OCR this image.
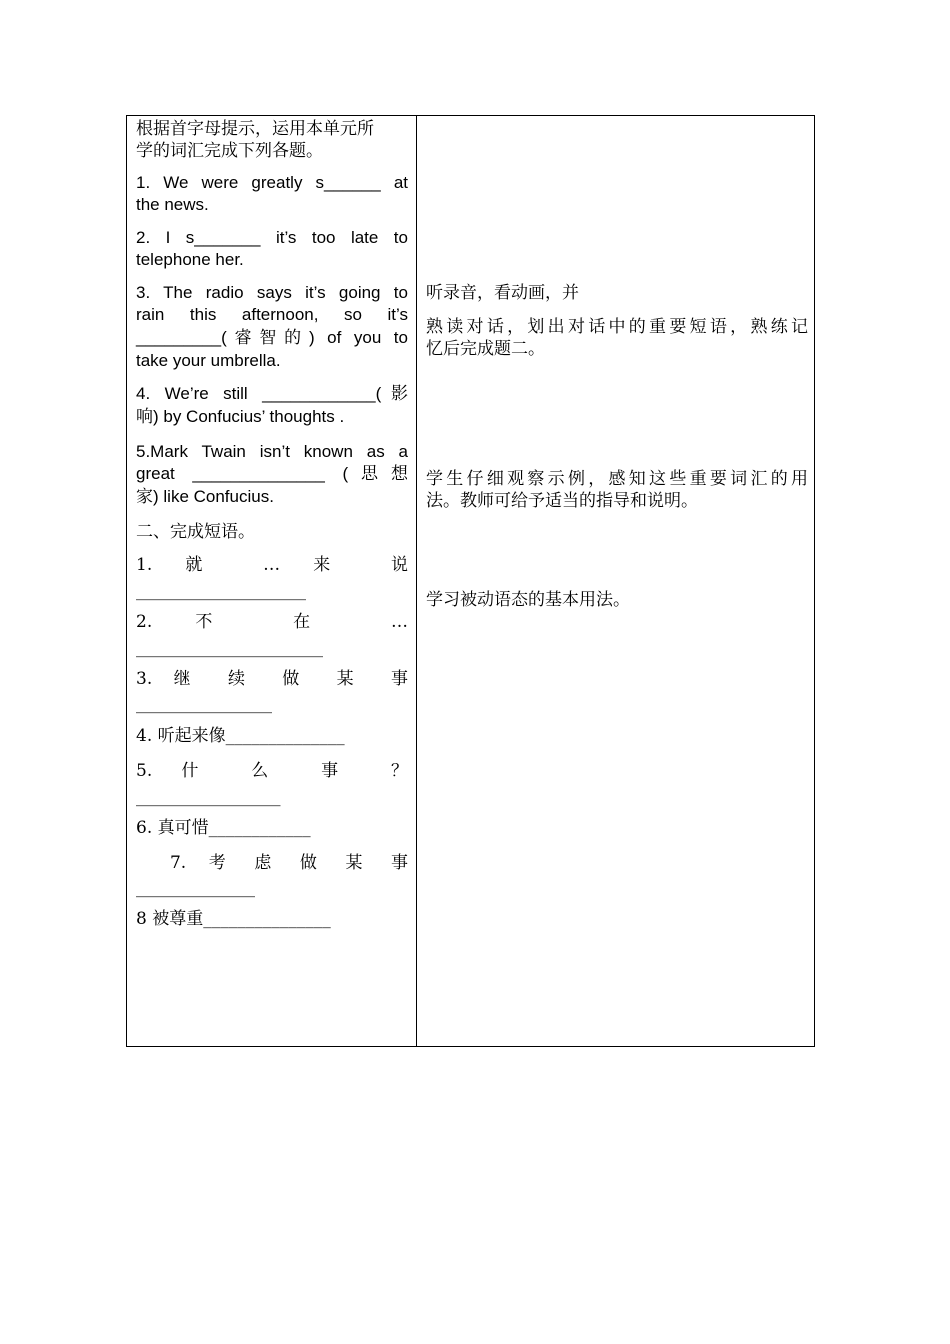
根据首字母提示，运用本单元所
学的词汇完成下列各题。
1. We were greatly s______ at
the news.
2. I s_______ it’s too late to
telephone her.
3. The radio says it’s going to
rain this afternoon, so it’s
_________(睿智的) of you to
take your umbrella.
4. We’re still ____________(影
响) by Confucius’ thoughts .
5.Mark Twain isn’t known as a
great ______________ (思想
家) like Confucius.
二、完成短语。
1. 就 … 来 说
____________________
2. 不 在 …
______________________
3. 继 续 做 某 事
________________
4. 听起来像______________
5. 什 么 事 ？
_________________
6. 真可惜____________
7.  考  虑  做  某  事
______________
8 被尊重_______________
听录音，看动画，并
熟读对话，划出对话中的重要短语，熟练记
忆后完成题二。
学生仔细观察示例，感知这些重要词汇的用
法。教师可给予适当的指导和说明。
学习被动语态的基本用法。
